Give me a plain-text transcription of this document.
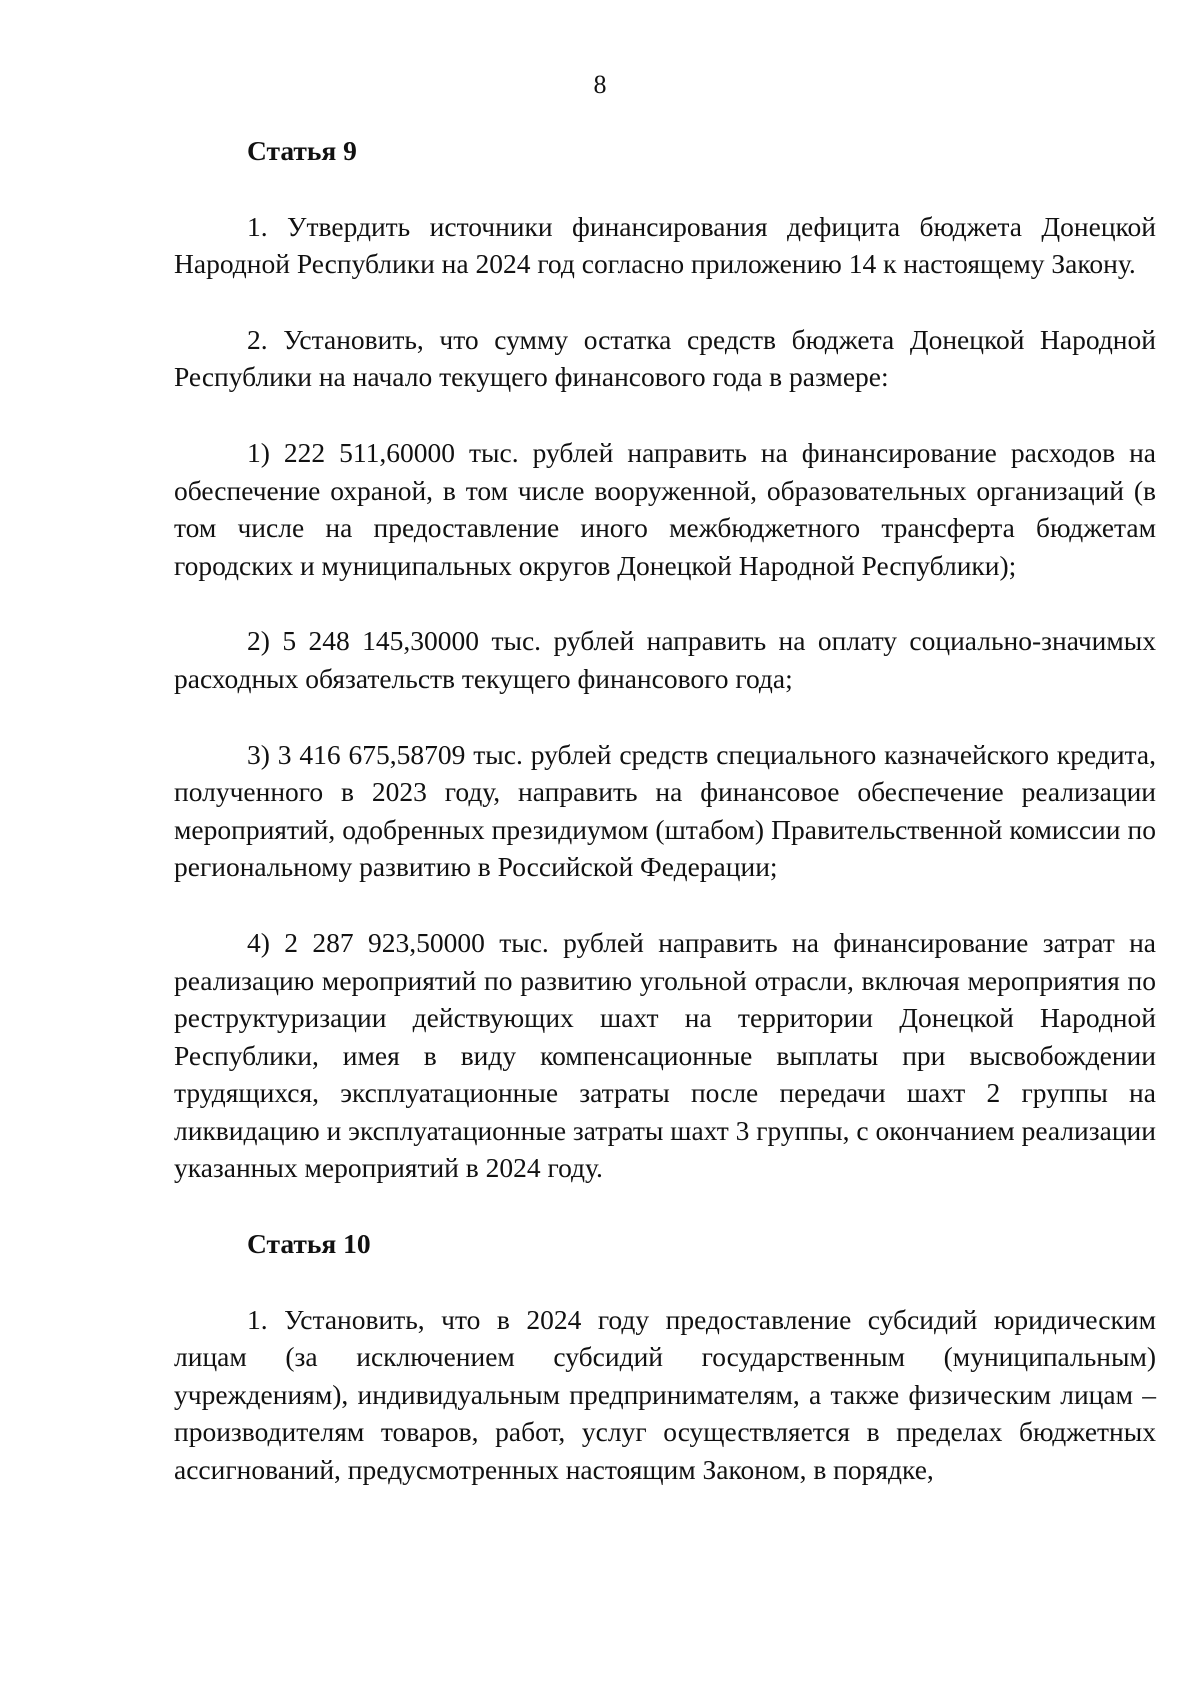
8
Статья 9

1. Утвердить источники финансирования дефицита бюджета Донецкой Народной Республики на 2024 год согласно приложению 14 к настоящему Закону.

2. Установить, что сумму остатка средств бюджета Донецкой Народной Республики на начало текущего финансового года в размере:

1) 222 511,60000 тыс. рублей направить на финансирование расходов на обеспечение охраной, в том числе вооруженной, образовательных организаций (в том числе на предоставление иного межбюджетного трансферта бюджетам городских и муниципальных округов Донецкой Народной Республики);

2) 5 248 145,30000 тыс. рублей направить на оплату социально-значимых расходных обязательств текущего финансового года;

3) 3 416 675,58709 тыс. рублей средств специального казначейского кредита, полученного в 2023 году, направить на финансовое обеспечение реализации мероприятий, одобренных президиумом (штабом) Правительственной комиссии по региональному развитию в Российской Федерации;

4) 2 287 923,50000 тыс. рублей направить на финансирование затрат на реализацию мероприятий по развитию угольной отрасли, включая мероприятия по реструктуризации действующих шахт на территории Донецкой Народной Республики, имея в виду компенсационные выплаты при высвобождении трудящихся, эксплуатационные затраты после передачи шахт 2 группы на ликвидацию и эксплуатационные затраты шахт 3 группы, с окончанием реализации указанных мероприятий в 2024 году.

Статья 10

1. Установить, что в 2024 году предоставление субсидий юридическим лицам (за исключением субсидий государственным (муниципальным) учреждениям), индивидуальным предпринимателям, а также физическим лицам – производителям товаров, работ, услуг осуществляется в пределах бюджетных ассигнований, предусмотренных настоящим Законом, в порядке,
